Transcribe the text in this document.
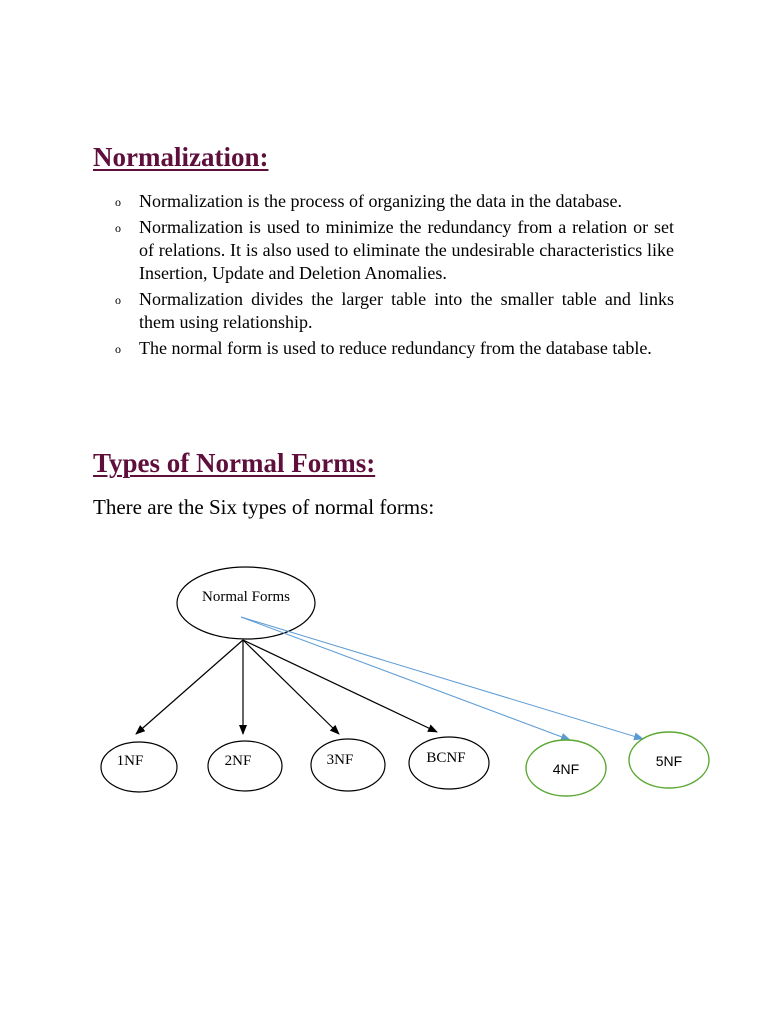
Normalization:
o Normalization is the process of organizing the data in the database.
o Normalization is used to minimize the redundancy from a relation or set of relations. It is also used to eliminate the undesirable characteristics like Insertion, Update and Deletion Anomalies.
o Normalization divides the larger table into the smaller table and links them using relationship.
o The normal form is used to reduce redundancy from the database table.
Types of Normal Forms:

There are the Six types of normal forms:

Normal Forms
1NF	2NF	3NF	BCNF
4NF	5NF
